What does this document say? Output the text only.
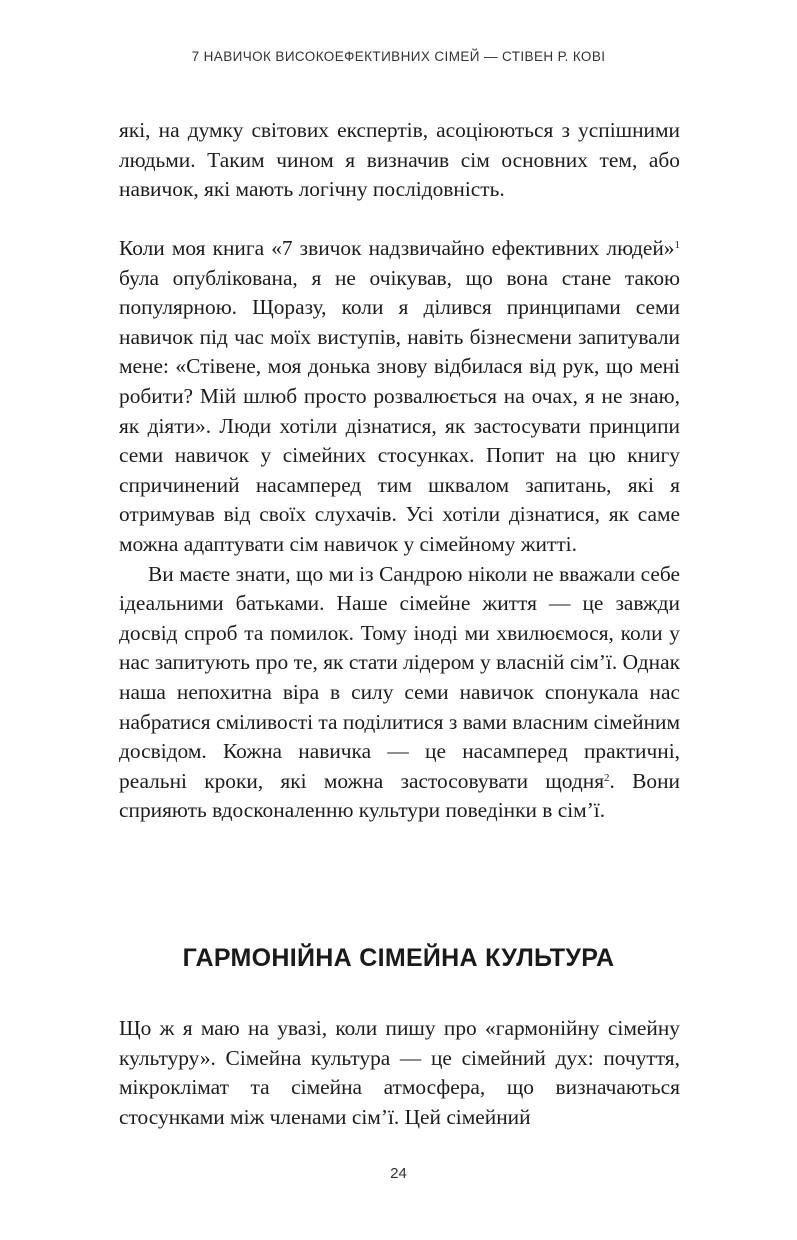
7 НАВИЧОК ВИСОКОЕФЕКТИВНИХ СІМЕЙ — СТІВЕН Р. КОВІ

які, на думку світових експертів, асоціюються з успішними людьми. Таким чином я визначив сім основних тем, або навичок, які мають логічну послідовність.

Коли моя книга «7 звичок надзвичайно ефективних людей»$^1$ була опублікована, я не очікував, що вона стане такою популярною. Щоразу, коли я ділився принципами семи навичок під час моїх виступів, навіть бізнесмени запитували мене: «Стівене, моя донька знову відбилася від рук, що мені робити? Мій шлюб просто розвалюється на очах, я не знаю, як діяти». Люди хотіли дізнатися, як застосувати принципи семи навичок у сімейних стосунках. Попит на цю книгу спричинений насамперед тим шквалом запитань, які я отримував від своїх слухачів. Усі хотіли дізнатися, як саме можна адаптувати сім навичок у сімейному житті.

Ви маєте знати, що ми із Сандрою ніколи не вважали себе ідеальними батьками. Наше сімейне життя — це завжди досвід спроб та помилок. Тому іноді ми хвилюємося, коли у нас запитують про те, як стати лідером у власній сім’ї. Однак наша непохитна віра в силу семи навичок спонукала нас набратися сміливості та поділитися з вами власним сімейним досвідом. Кожна навичка — це насамперед практичні, реальні кроки, які можна застосовувати щодня$^2$. Вони сприяють вдосконаленню культури поведінки в сім’ї.

ГАРМОНІЙНА СІМЕЙНА КУЛЬТУРА

Що ж я маю на увазі, коли пишу про «гармонійну сімейну культуру». Сімейна культура — це сімейний дух: почуття, мікроклімат та сімейна атмосфера, що визначаються стосунками між членами сім’ї. Цей сімейний

24
